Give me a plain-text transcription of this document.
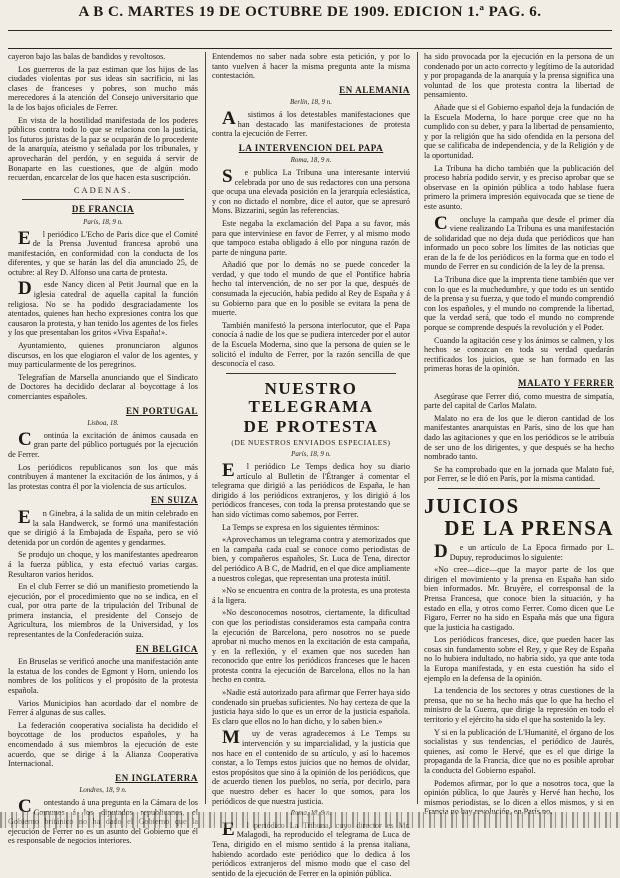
A B C. MARTES 19 DE OCTUBRE DE 1909. EDICION 1.ª PAG. 6.

cayeron bajo las balas de bandidos y revoltosos.

Los guerreros de la paz estiman que los hijos de las ciudades violentas por sus ideas sin sacrificio, ni las clases de franceses y pobres, son mucho más merecedores á la atención del Consejo universitario que la de los bajos oficiales de Ferrer.

En vista de la hostilidad manifestada de los poderes públicos contra todo lo que se relaciona con la justicia, los futuros juristas de la paz se ocuparán de lo procedente de la anarquía, ateísmo y señalada por los tribunales, y aprovecharán del perdón, y en seguida á servir de Bonaparte en las cuestiones, que de algún modo recuerdan, encarcelar de los que hacen esta suscripción.

CADENAS.
DE FRANCIA
París, 18, 9 n.

El periódico L'Echo de Paris dice que el Comité de la Prensa Juventud francesa aprobó una manifestación, en conformidad con la conducta de los diferentes, y que se harán las del día anunciado 25, de octubre: al Rey D. Alfonso una carta de protesta.

Desde Nancy dicen al Petit Journal que en la iglesia catedral de aquella capital la función religiosa. No se ha podido desgraciadamente los atentados, quienes han hecho expresiones contra los que causaron la protesta, y han tenido los agentes de los fieles y los que presentaban los gritos «Viva España!».

Ayuntamiento, quienes pronunciaron algunos discursos, en los que elogiaron el valor de los agentes, y muy particularmente de los peregrinos.

Telegrafían de Marsella anunciando que el Sindicato de Doctores ha decidido declarar al boycottage á los comerciantes españoles.

EN PORTUGAL
Lisboa, 18.

Continúa la excitación de ánimos causada en gran parte del público portugués por la ejecución de Ferrer.

Los periódicos republicanos son los que más contribuyen á mantener la excitación de los ánimos, y á las protestas contra él por la violencia de sus artículos.

EN SUIZA

En Ginebra, á la salida de un mitin celebrado en la sala Handwerck, se formó una manifestación que se dirigió á la Embajada de España, pero se vió detenida por un cordón de agentes y gendarmes.

Se produjo un choque, y los manifestantes apedrearon á la fuerza pública, y esta efectuó varias cargas. Resultaron varios heridos.

En el club Ferrer se dió un manifiesto prometiendo la ejecución, por el procedimiento que no se indica, en el cual, por otra parte de la tripulación del Tribunal de primera instancia, el presidente del Consejo de Agricultura, los miembros de la Universidad, y los representantes de la Confederación suiza.

EN BELGICA

En Bruselas se verificó anoche una manifestación ante la estatua de los condes de Egmont y Horn, uniendo los nombres de los políticos y el propósito de la protesta española.

Varios Municipios han acordado dar el nombre de Ferrer á algunas de sus calles.

La federación cooperativa socialista ha decidido el boycottage de los productos españoles, y ha encomendado á sus miembros la ejecución de este acuerdo, que se dirige á la Alianza Cooperativa Internacional.

EN INGLATERRA
Londres, 18, 9 n.

Contestando á una pregunta en la Cámara de los Comunes á los diputados republicanos, el Gobierno británico no ha dado el Gobierno que la ejecución de Ferrer no es un asunto del Gobierno que él es responsable de negocios interiores.

Entendemos no saber nada sobre esta petición, y por lo tanto vuelven á hacer la misma pregunta ante la misma contestación.

EN ALEMANIA
Berlín, 18, 9 n.

Asistimos á los detestables manifestaciones que han destacado las manifestaciones de protesta contra la ejecución de Ferrer.

LA INTERVENCION DEL PAPA
Roma, 18, 9 n.

Se publica La Tribuna una interesante interviú celebrada por uno de sus redactores con una persona que ocupa una elevada posición en la jerarquía eclesiástica, y con no dictado el nombre, dice el autor, que se apresuró Mons. Bizzarini, según las referencias.

Este negaba la exclamación del Papa a su favor, más para que interviniese en favor de Ferrer, y al mismo modo que tampoco estaba obligado á ello por ninguna razón de parte de ninguna parte.

Añadió que por lo demás no se puede conceder la verdad, y que todo el mundo de que el Pontífice habría hecho tal intervención, de no ser por la que, después de consumada la ejecución, había pedido al Rey de España y á su Gobierno para que en lo posible se evitara la pena de muerte.

También manifestó la persona interlocutor, que el Papa conocía á nadie de los que se pudiera interceder por el autor de la Escuela Moderna, sino que la persona de quien se le solicitó el indulto de Ferrer, por la razón sencilla de que desconocía el caso.

NUESTRO TELEGRAMA
DE PROTESTA
(DE NUESTROS ENVIADOS ESPECIALES)
París, 18, 9 n.

El periódico Le Temps dedica hoy su diario artículo al Bulletin de l'Étranger á comentar el telegrama que dirigió a las periódicos de España, le han dirigido á los periódicos extranjeros, y los dirigió á los periódicos franceses, con toda la prensa protestando que se han sido víctimas como sabemos, por Ferrer.

La Temps se expresa en los siguientes términos:

«Aprovechamos un telegrama contra y atemorizados que en la campaña cada cual se conoce como periodistas de bien, y compañeros españoles, Sr. Luca de Tena, director del periódico A B C, de Madrid, en el que dice ampliamente a nuestros colegas, que representan una protesta inútil.

»No se encuentra en contra de la protesta, es una protesta á la ligera.

»No desconocemos nosotros, ciertamente, la dificultad con que los periodistas consideramos esta campaña contra la ejecución de Barcelona, pero nosotros no se puede aprobar ni mucho menos en la excitación de esta campaña, y en la reflexión, y el examen que nos suceden han reconocido que entre los periódicos franceses que le hacen protesta contra la ejecución de Barcelona, ellos no la han hecho en contra.

»Nadie está autorizado para afirmar que Ferrer haya sido condenado sin pruebas suficientes. No hay certeza de que la justicia haya sido lo que es un error de la justicia española. Es claro que ellos no lo han dicho, y lo saben bien.»

Muy de veras agradecemos á Le Temps su intervención y su imparcialidad, y la justicia que nos hace en el contenido de su artículo, y así lo hacemos constar, a lo Temps estos juicios que no hemos de olvidar, estos propósitos que sino á la opinión de los periódicos, que de acuerdo tienen los pueblos, no sería, por decirlo, para que nuestro deber es hacer lo que somos, para los periódicos de que nuestra justicia.

Roma, 18, 9 n.

El periódico La Tribuna, cuyo director es Mr. Malagodi, ha reproducido el telegrama de Luca de Tena, dirigido en el mismo sentido á la prensa italiana, habiendo acordado este periódico que lo dedica á los periódicos extranjeros del mismo modo que el caso del sentido de la ejecución de Ferrer en la opinión pública.

ha sido provocada por la ejecución en la persona de un condenado por un acto correcto y legítimo de la autoridad y por propaganda de la anarquía y la prensa significa una voluntad de los que protesta contra la libertad de pensamiento.

Añade que si el Gobierno español deja la fundación de la Escuela Moderna, lo hace porque cree que no ha cumplido con su deber, y para la libertad de pensamiento, y por la religión que ha sido ofendida en la persona del que se calificaba de independencia, y de la Religión y de la oportunidad.

La Tribuna ha dicho también que la publicación del proceso habría podido servir, y es preciso aprobar que se observase en la opinión pública a todo hablase fuera primero la primera impresión equivocada que se tiene de este asunto.

Concluye la campaña que desde el primer día viene realizando La Tribuna es una manifestación de solidaridad que no deja duda que periódicos que han informado un poco sobre los límites de las noticias que eran de la fe de los periódicos en la forma que en todo el mundo de Ferrer en su condición de la ley de la prensa.

La Tribuna dice que la imprenta tiene también que ver con lo que es la muchedumbre, y que todo es un sentido de la prensa y su fuerza, y que todo el mundo comprendió con los españoles, y el mundo no comprende la libertad, que la verdad será, que todo el mundo no comprende porque se comprende después la revolución y el Poder.

Cuando la agitación cese y los ánimos se calmen, y los hechos se conozcan en toda su verdad quedarán rectificados los juicios, que se han formado en las primeras horas de la opinión.

MALATO Y FERRER

Asegúrase que Ferrer dió, como muestra de simpatía, parte del capital de Carlos Malato.

Malato no era de los que le dieron cantidad de los manifestantes anarquistas en París, sino de los que han dado las agitaciones y que en los periódicos se le atribuía de ser uno de los dirigentes, y que después se ha hecho nombrado tanto.

Se ha comprobado que en la jornada que Malato fué, por Ferrer, se le dió en París, por la misma cantidad.

JUICIOS
DE LA PRENSA

De un artículo de La Epoca firmado por L. Dupuy, reproducimos lo siguiente:

«No cree—dice—que la mayor parte de los que dirigen el movimiento y la prensa en España han sido bien informados. Mr. Bruyère, el corresponsal de la Prensa Francesa, que conoce bien la situación, y ha estado en ella, y otros como Ferrer. Como dicen que Le Figaro, Ferrer no ha sido en España más que una figura que la justicia ha castigado.

Los periódicos franceses, dice, que pueden hacer las cosas sin fundamento sobre el Rey, y que Rey de España no lo hubiera indultado, no habría sido, ya que ante toda la Europa manifestada, y en esta cuestión ha sido el ejemplo en la defensa de la opinión.

La tendencia de los sectores y otras cuestiones de la prensa, que no se ha hecho más que lo que ha hecho el ministro de la Guerra, que dirige la represión en todo el territorio y el ejército ha sido el que ha sostenido la ley.

Y si en la publicación de L'Humanité, el órgano de los socialistas y sus tendencias, el periódico de Jaurès, quienes, así como le Hervé, que es el que dirige la propaganda de la Francia, dice que no es posible aprobar la conducta del Gobierno español.

Podemos afirmar, por lo que a nosotros toca, que la opinión pública, lo que Jaurès y Hervé han hecho, los mismos periodistas, se lo dicen a ellos mismos, y si en Francia no hay revolución, en París no.
